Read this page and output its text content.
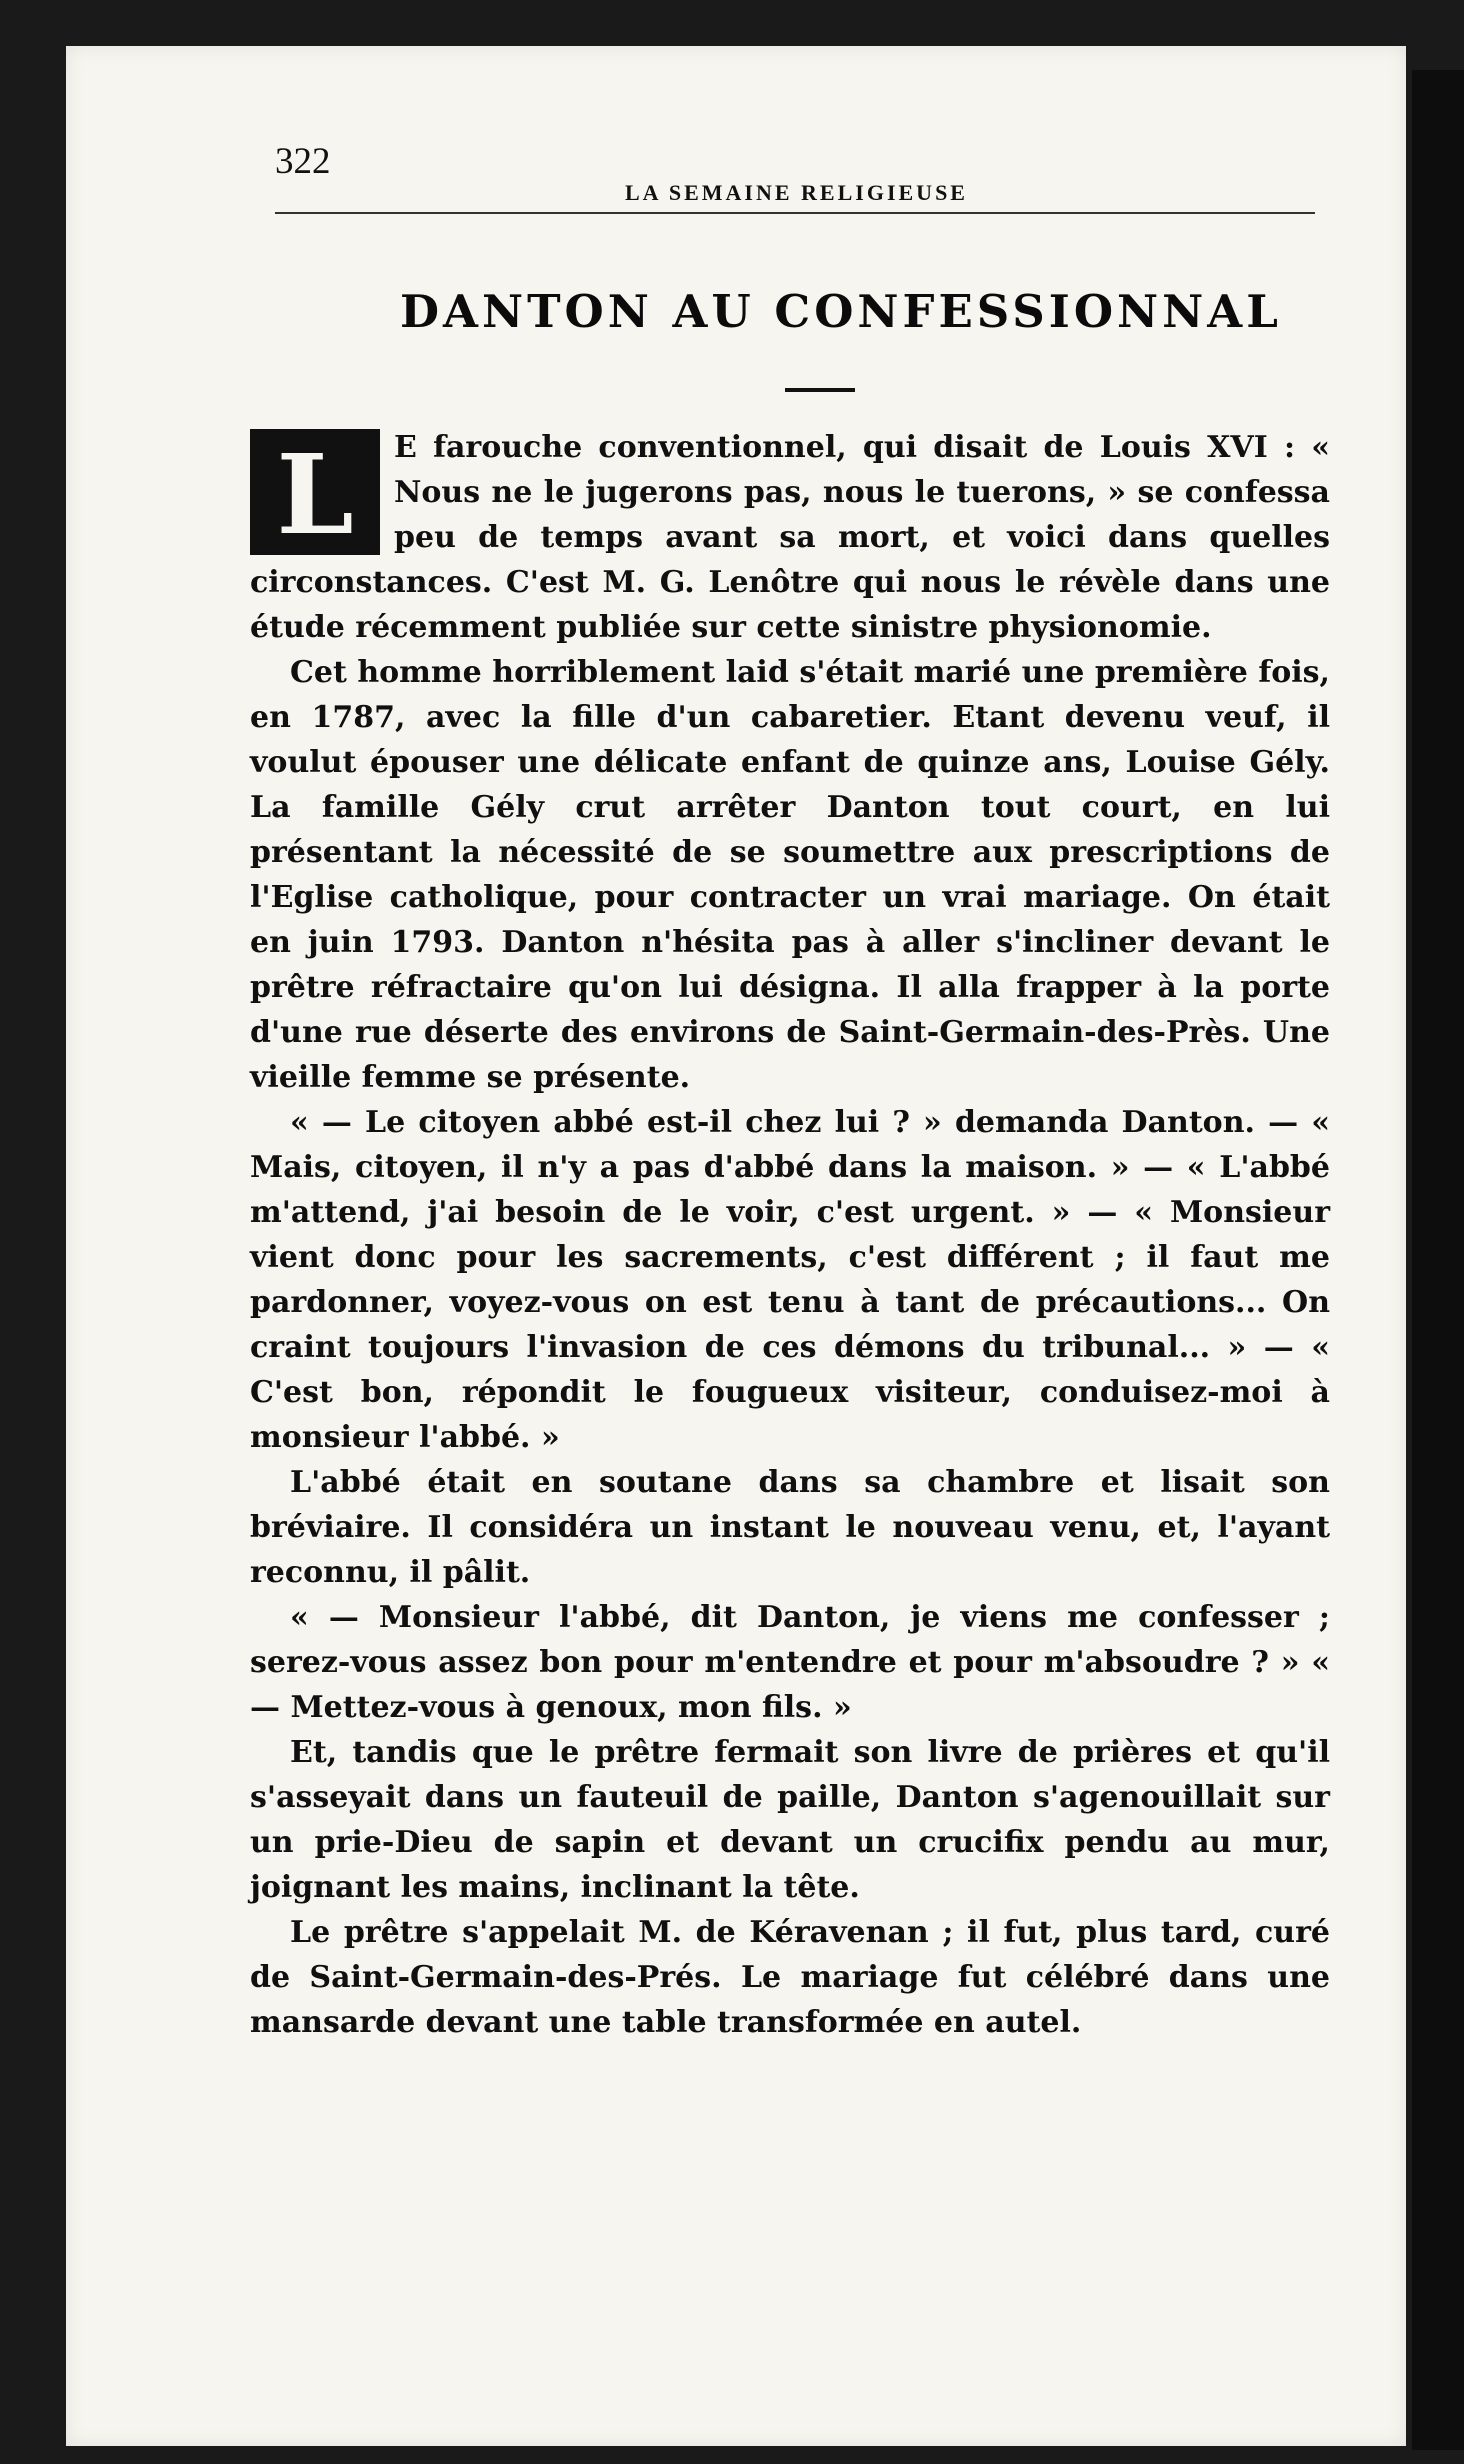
322
LA SEMAINE RELIGIEUSE
DANTON AU CONFESSIONNAL

L	E farouche conventionnel, qui disait de Louis XVI : « Nous ne le jugerons pas, nous le tuerons, » se confessa peu de temps avant sa mort, et voici dans quelles circonstances. C'est M. G. Lenôtre qui nous le révèle dans une étude récemment publiée sur cette sinistre physionomie.

Cet homme horriblement laid s'était marié une première fois, en 1787, avec la fille d'un cabaretier. Etant devenu veuf, il voulut épouser une délicate enfant de quinze ans, Louise Gély. La famille Gély crut arrêter Danton tout court, en lui présentant la nécessité de se soumettre aux prescriptions de l'Eglise catholique, pour contracter un vrai mariage. On était en juin 1793. Danton n'hésita pas à aller s'incliner devant le prêtre réfractaire qu'on lui désigna. Il alla frapper à la porte d'une rue déserte des environs de Saint-Germain-des-Près. Une vieille femme se présente.

« — Le citoyen abbé est-il chez lui ? » demanda Danton. — « Mais, citoyen, il n'y a pas d'abbé dans la maison. » — « L'abbé m'attend, j'ai besoin de le voir, c'est urgent. » — « Monsieur vient donc pour les sacrements, c'est différent ; il faut me pardonner, voyez-vous on est tenu à tant de précautions... On craint toujours l'invasion de ces démons du tribunal... » — « C'est bon, répondit le fougueux visiteur, conduisez-moi à monsieur l'abbé. »

L'abbé était en soutane dans sa chambre et lisait son bréviaire. Il considéra un instant le nouveau venu, et, l'ayant reconnu, il pâlit.

« — Monsieur l'abbé, dit Danton, je viens me confesser ; serez-vous assez bon pour m'entendre et pour m'absoudre ? » « — Mettez-vous à genoux, mon fils. »

Et, tandis que le prêtre fermait son livre de prières et qu'il s'asseyait dans un fauteuil de paille, Danton s'agenouillait sur un prie-Dieu de sapin et devant un crucifix pendu au mur, joignant les mains, inclinant la tête.

Le prêtre s'appelait M. de Kéravenan ; il fut, plus tard, curé de Saint-Germain-des-Prés. Le mariage fut célébré dans une mansarde devant une table transformée en autel.
